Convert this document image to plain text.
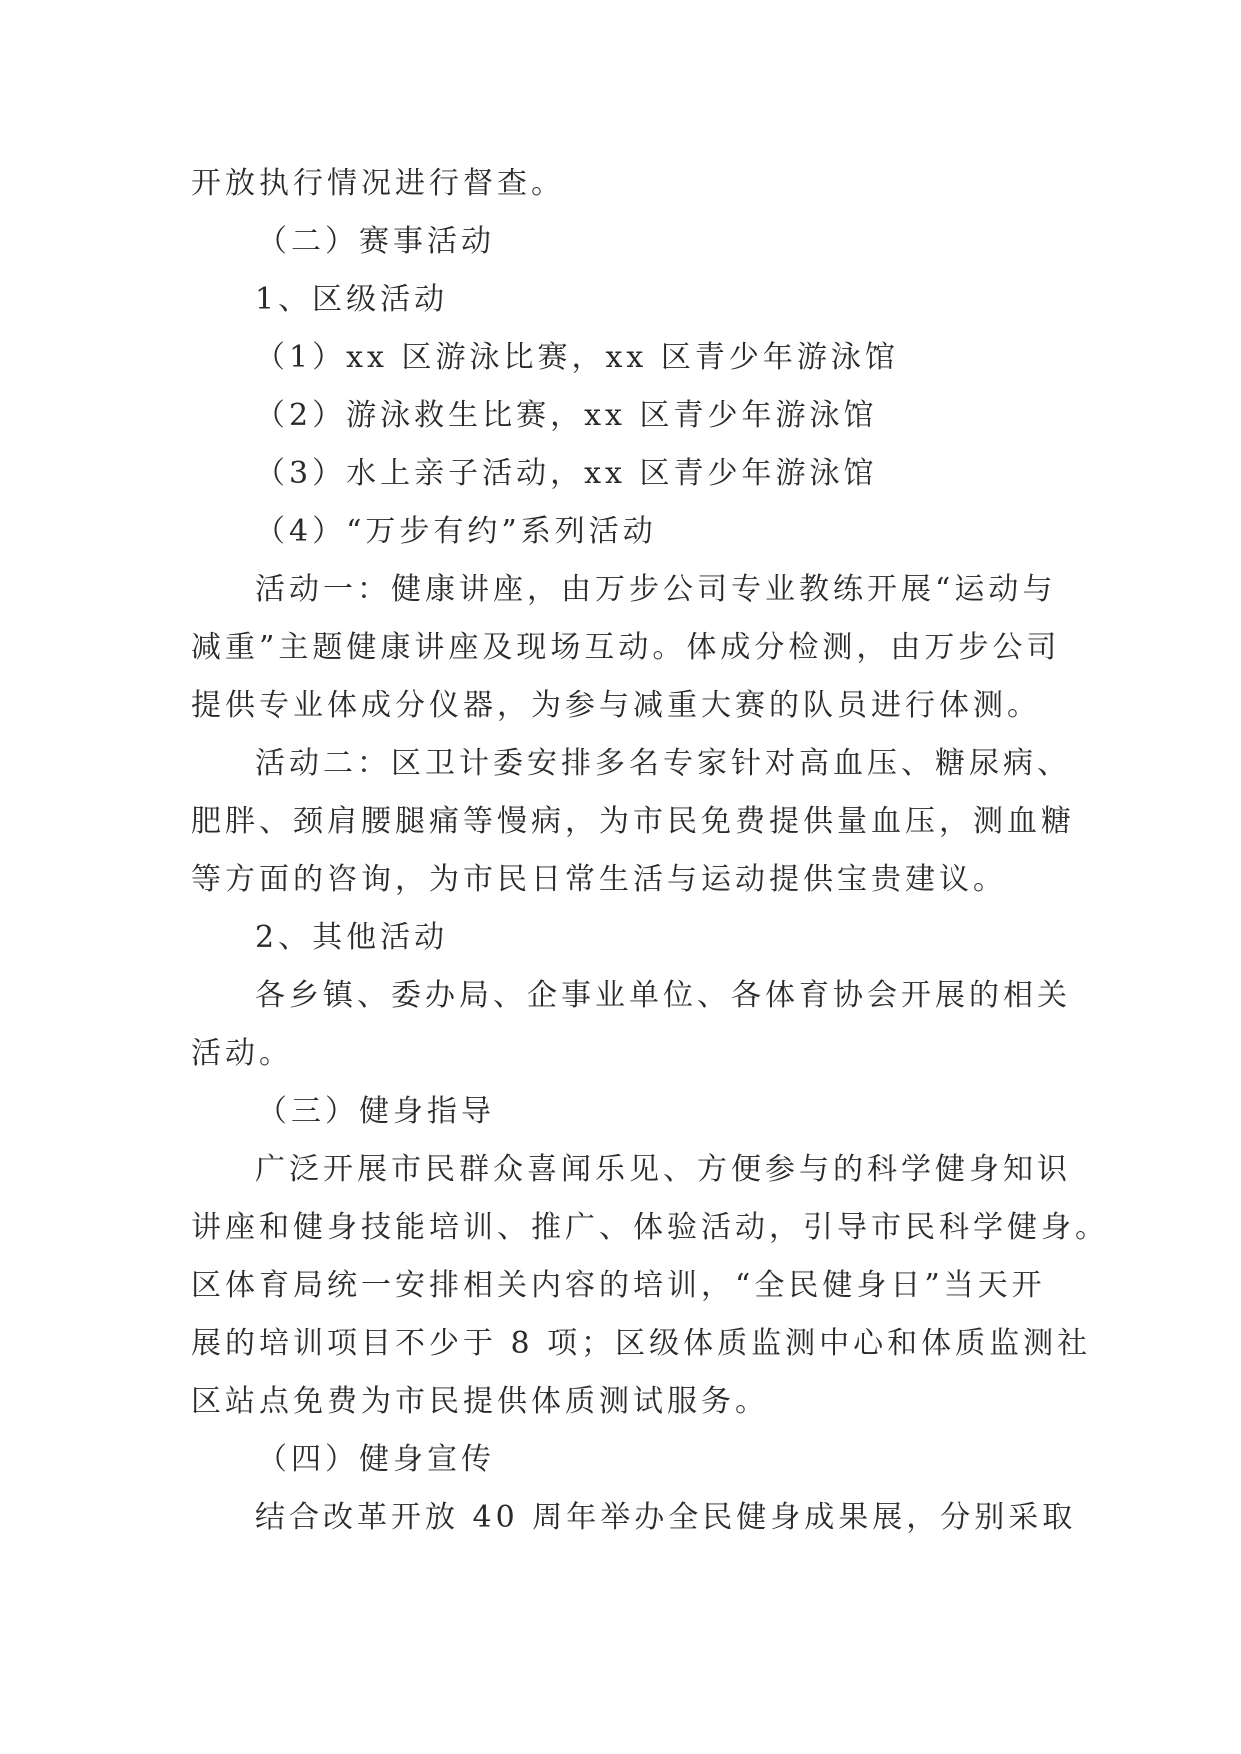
开放执行情况进行督查。
（二）赛事活动
1、区级活动
（1）xx 区游泳比赛，xx 区青少年游泳馆
（2）游泳救生比赛，xx 区青少年游泳馆
（3）水上亲子活动，xx 区青少年游泳馆
（4）“万步有约”系列活动
活动一：健康讲座，由万步公司专业教练开展“运动与
减重”主题健康讲座及现场互动。体成分检测，由万步公司
提供专业体成分仪器，为参与减重大赛的队员进行体测。
活动二：区卫计委安排多名专家针对高血压、糖尿病、
肥胖、颈肩腰腿痛等慢病，为市民免费提供量血压，测血糖
等方面的咨询，为市民日常生活与运动提供宝贵建议。
2、其他活动
各乡镇、委办局、企事业单位、各体育协会开展的相关
活动。
（三）健身指导
广泛开展市民群众喜闻乐见、方便参与的科学健身知识
讲座和健身技能培训、推广、体验活动，引导市民科学健身。
区体育局统一安排相关内容的培训，“全民健身日”当天开
展的培训项目不少于 8 项；区级体质监测中心和体质监测社
区站点免费为市民提供体质测试服务。
（四）健身宣传
结合改革开放 40 周年举办全民健身成果展，分别采取
